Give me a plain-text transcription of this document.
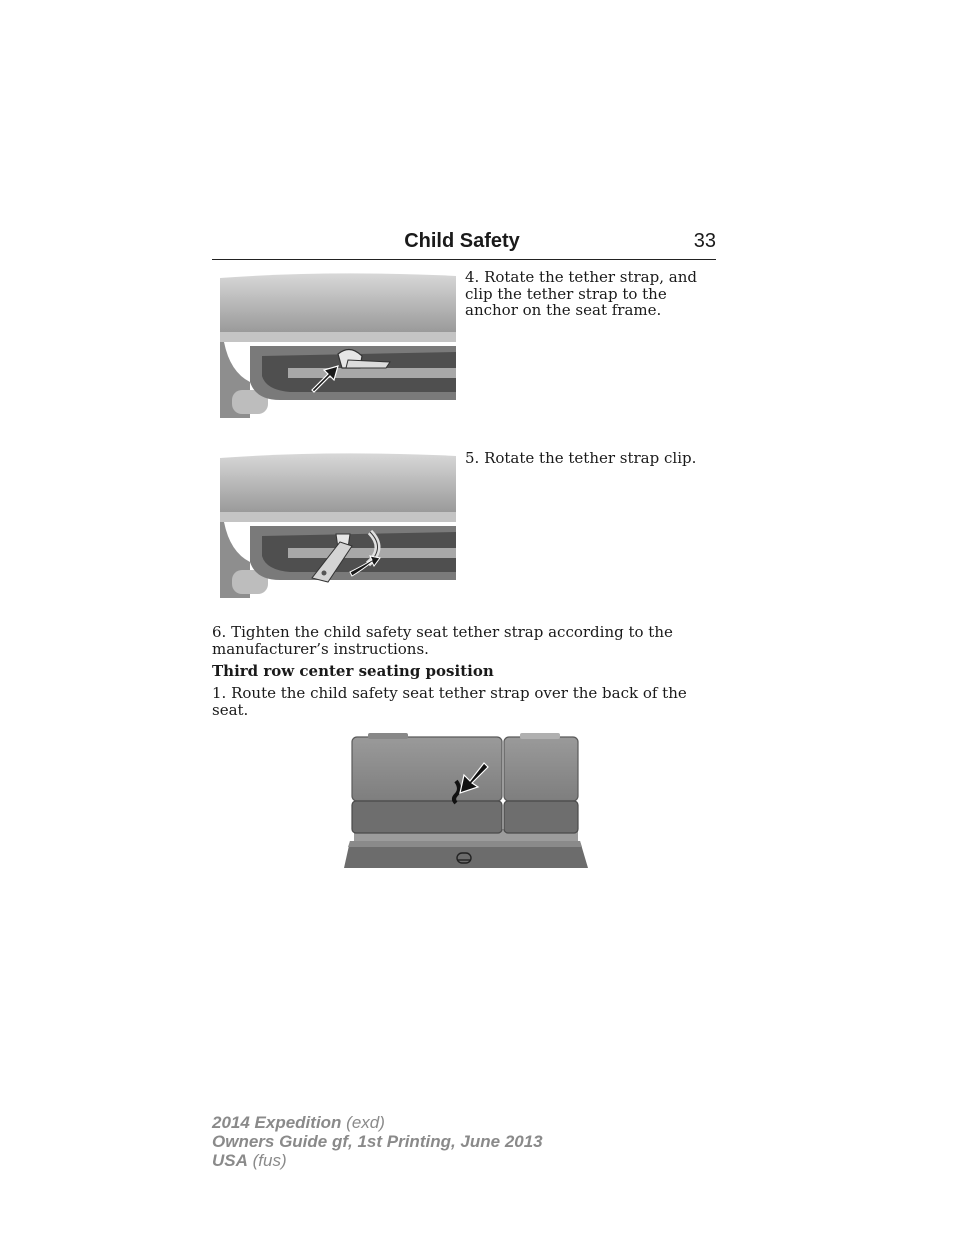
Child Safety	33
4. Rotate the tether strap, and clip the tether strap to the anchor on the seat frame.
5. Rotate the tether strap clip.
6. Tighten the child safety seat tether strap according to the manufacturer’s instructions.
Third row center seating position
1. Route the child safety seat tether strap over the back of the seat.
2014 Expedition (exd)
Owners Guide gf, 1st Printing, June 2013
USA (fus)
